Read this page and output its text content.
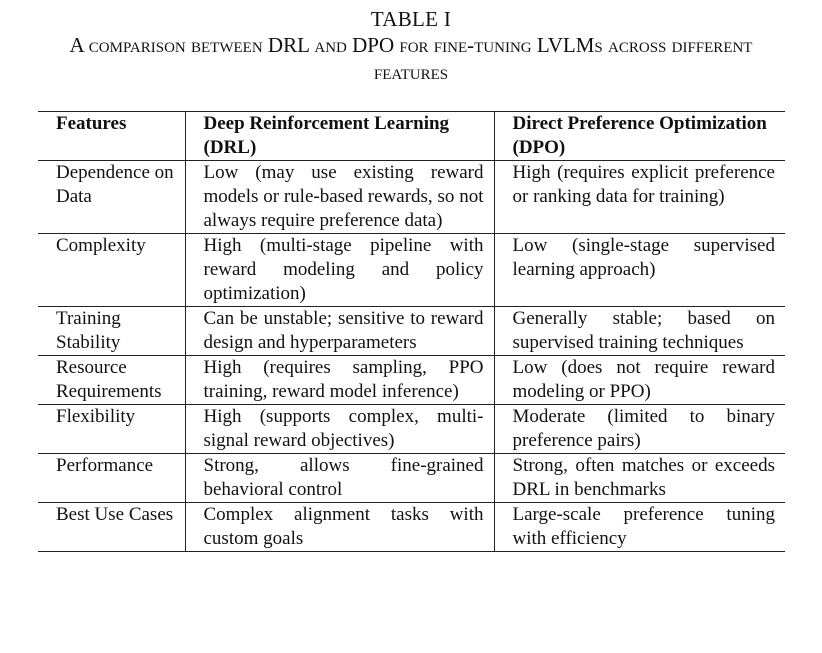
TABLE I
A comparison between DRL and DPO for fine-tuning LVLMs across different features
Features	Deep Reinforcement Learning (DRL)	Direct Preference Optimization (DPO)
Dependence on Data	Low (may use existing reward models or rule-based rewards, so not always require preference data)	High (requires explicit preference or ranking data for training)
Complexity	High (multi-stage pipeline with reward modeling and policy optimization)	Low (single-stage supervised learning approach)
Training Stability	Can be unstable; sensitive to reward design and hyperparameters	Generally stable; based on supervised training techniques
Resource Requirements	High (requires sampling, PPO training, reward model inference)	Low (does not require reward modeling or PPO)
Flexibility	High (supports complex, multi-signal reward objectives)	Moderate (limited to binary preference pairs)
Performance	Strong, allows fine-grained behavioral control	Strong, often matches or exceeds DRL in benchmarks
Best Use Cases	Complex alignment tasks with custom goals	Large-scale preference tuning with efficiency
